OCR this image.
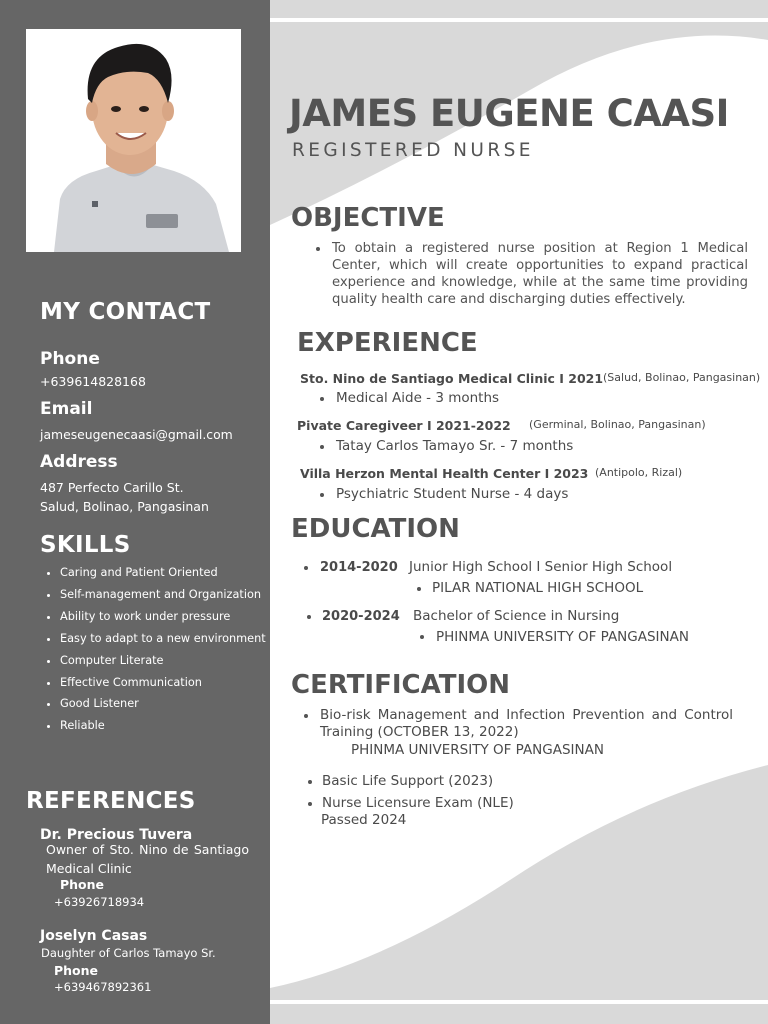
MY CONTACT
Phone
+639614828168
Email
jameseugenecaasi@gmail.com
Address
487 Perfecto Carillo St.
Salud, Bolinao, Pangasinan
SKILLS
• Caring and Patient Oriented
• Self-management and Organization
• Ability to work under pressure
• Easy to adapt to a new environment
• Computer Literate
• Effective Communication
• Good Listener
• Reliable
REFERENCES
Dr. Precious Tuvera
Owner of Sto. Nino de Santiago Medical Clinic
Phone
+63926718934
Joselyn Casas
Daughter of Carlos Tamayo Sr.
Phone
+639467892361
JAMES EUGENE CAASI
REGISTERED NURSE
OBJECTIVE
To obtain a registered nurse position at Region 1 Medical Center, which will create opportunities to expand practical experience and knowledge, while at the same time providing quality health care and discharging duties effectively.
EXPERIENCE
Sto. Nino de Santiago Medical Clinic I 2021 (Salud, Bolinao, Pangasinan)
Medical Aide - 3 months
Pivate Caregiveer I 2021-2022 (Germinal, Bolinao, Pangasinan)
Tatay Carlos Tamayo Sr. - 7 months
Villa Herzon Mental Health Center I 2023 (Antipolo, Rizal)
Psychiatric Student Nurse - 4 days
EDUCATION
2014-2020 Junior High School I Senior High School
PILAR NATIONAL HIGH SCHOOL
2020-2024 Bachelor of Science in Nursing
PHINMA UNIVERSITY OF PANGASINAN
CERTIFICATION
Bio-risk Management and Infection Prevention and Control Training (OCTOBER 13, 2022)
PHINMA UNIVERSITY OF PANGASINAN
Basic Life Support (2023)
Nurse Licensure Exam (NLE)
Passed 2024
